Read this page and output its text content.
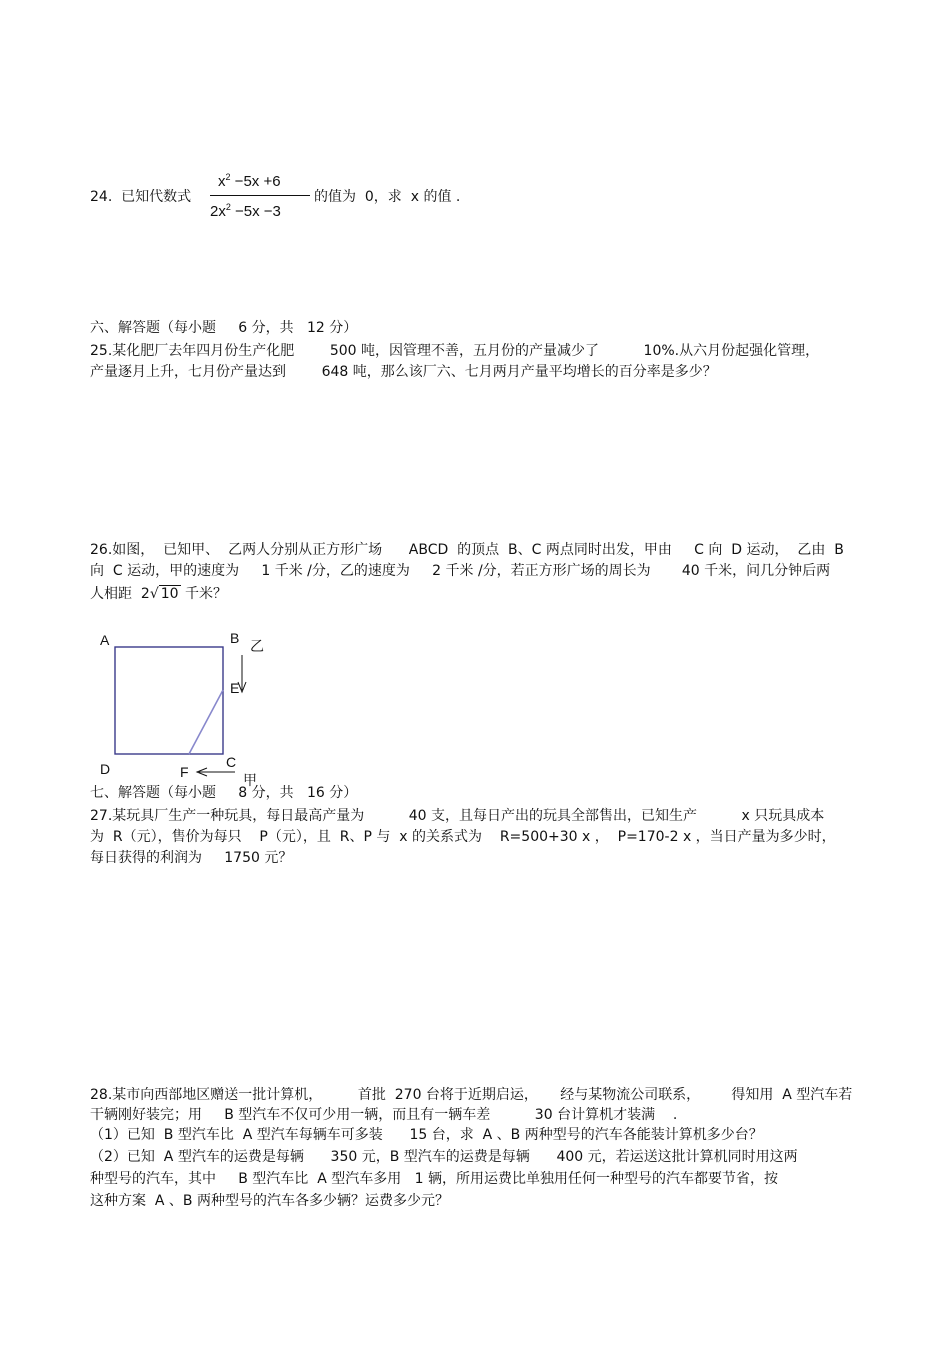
24.  已知代数式
$x^2 -5x +6$
$2x^2 -5x -3$
的值为  0，求  x 的值 .
六、解答题（每小题     6 分，共   12 分）
25.某化肥厂去年四月份生产化肥        500 吨，因管理不善，五月份的产量减少了          10%.从六月份起强化管理，
产量逐月上升，七月份产量达到        648 吨，那么该厂六、七月两月产量平均增长的百分率是多少？
26.如图，  已知甲、  乙两人分别从正方形广场      ABCD  的顶点  B、C 两点同时出发，甲由     C 向  D 运动，  乙由  B
向  C 运动，甲的速度为     1 千米 /分，乙的速度为     2 千米 /分，若正方形广场的周长为       40 千米，问几分钟后两
人相距  2√ 10 千米？
A	B 乙
E
D	C
F	甲
七、解答题（每小题     8 分，共   16 分）
27.某玩具厂生产一种玩具，每日最高产量为          40 支，且每日产出的玩具全部售出，已知生产          x 只玩具成本
为  R（元），售价为每只    P（元），且  R、P 与  x 的关系式为    R=500+30 x ，  P=170-2 x ，当日产量为多少时，
每日获得的利润为     1750 元？
28.某市向西部地区赠送一批计算机，        首批  270 台将于近期启运，     经与某物流公司联系，       得知用  A 型汽车若
干辆刚好装完；用     B 型汽车不仅可少用一辆，而且有一辆车差          30 台计算机才装满    .
（1）已知  B 型汽车比  A 型汽车每辆车可多装      15 台，求  A 、B 两种型号的汽车各能装计算机多少台？
（2）已知  A 型汽车的运费是每辆      350 元，B 型汽车的运费是每辆      400 元，若运送这批计算机同时用这两
种型号的汽车，其中     B 型汽车比  A 型汽车多用   1 辆，所用运费比单独用任何一种型号的汽车都要节省，按
这种方案  A 、B 两种型号的汽车各多少辆？运费多少元？
